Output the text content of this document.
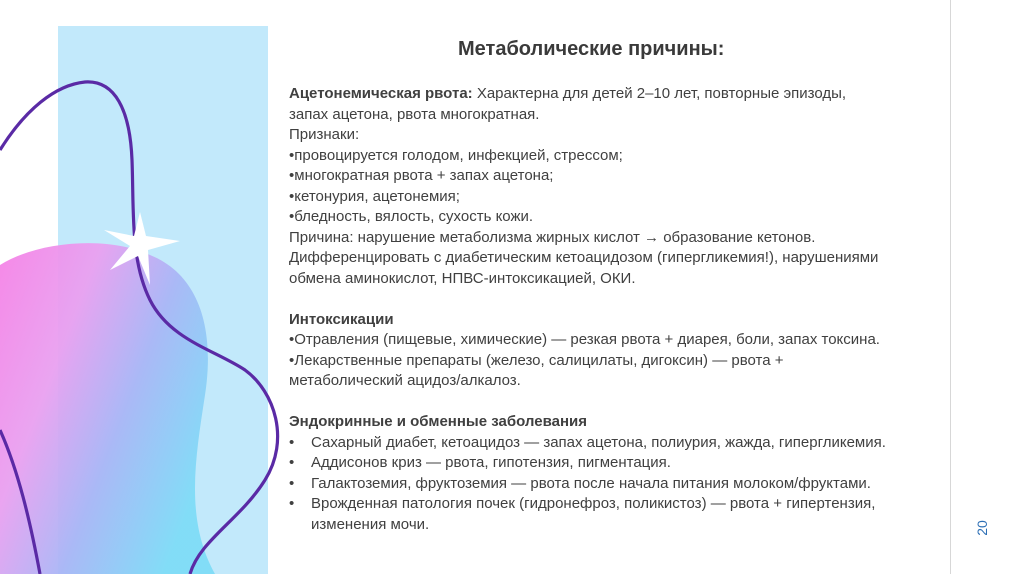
Метаболические причины:
Ацетонемическая рвота: Характерна для детей 2–10 лет, повторные эпизоды,
запах ацетона, рвота многократная.
Признаки:
•провоцируется голодом, инфекцией, стрессом;
•многократная рвота + запах ацетона;
•кетонурия, ацетонемия;
•бледность, вялость, сухость кожи.
Причина: нарушение метаболизма жирных кислот → образование кетонов.
Дифференцировать с диабетическим кетоацидозом (гипергликемия!), нарушениями
обмена аминокислот, НПВС-интоксикацией, ОКИ.
Интоксикации
•Отравления (пищевые, химические) — резкая рвота + диарея, боли, запах токсина.
•Лекарственные препараты (железо, салицилаты, дигоксин) — рвота +
метаболический ацидоз/алкалоз.
Эндокринные и обменные заболевания
• Сахарный диабет, кетоацидоз — запах ацетона, полиурия, жажда, гипергликемия.
• Аддисонов криз — рвота, гипотензия, пигментация.
• Галактоземия, фруктоземия — рвота после начала питания молоком/фруктами.
• Врожденная патология почек (гидронефроз, поликистоз) — рвота + гипертензия,
изменения мочи.	20
